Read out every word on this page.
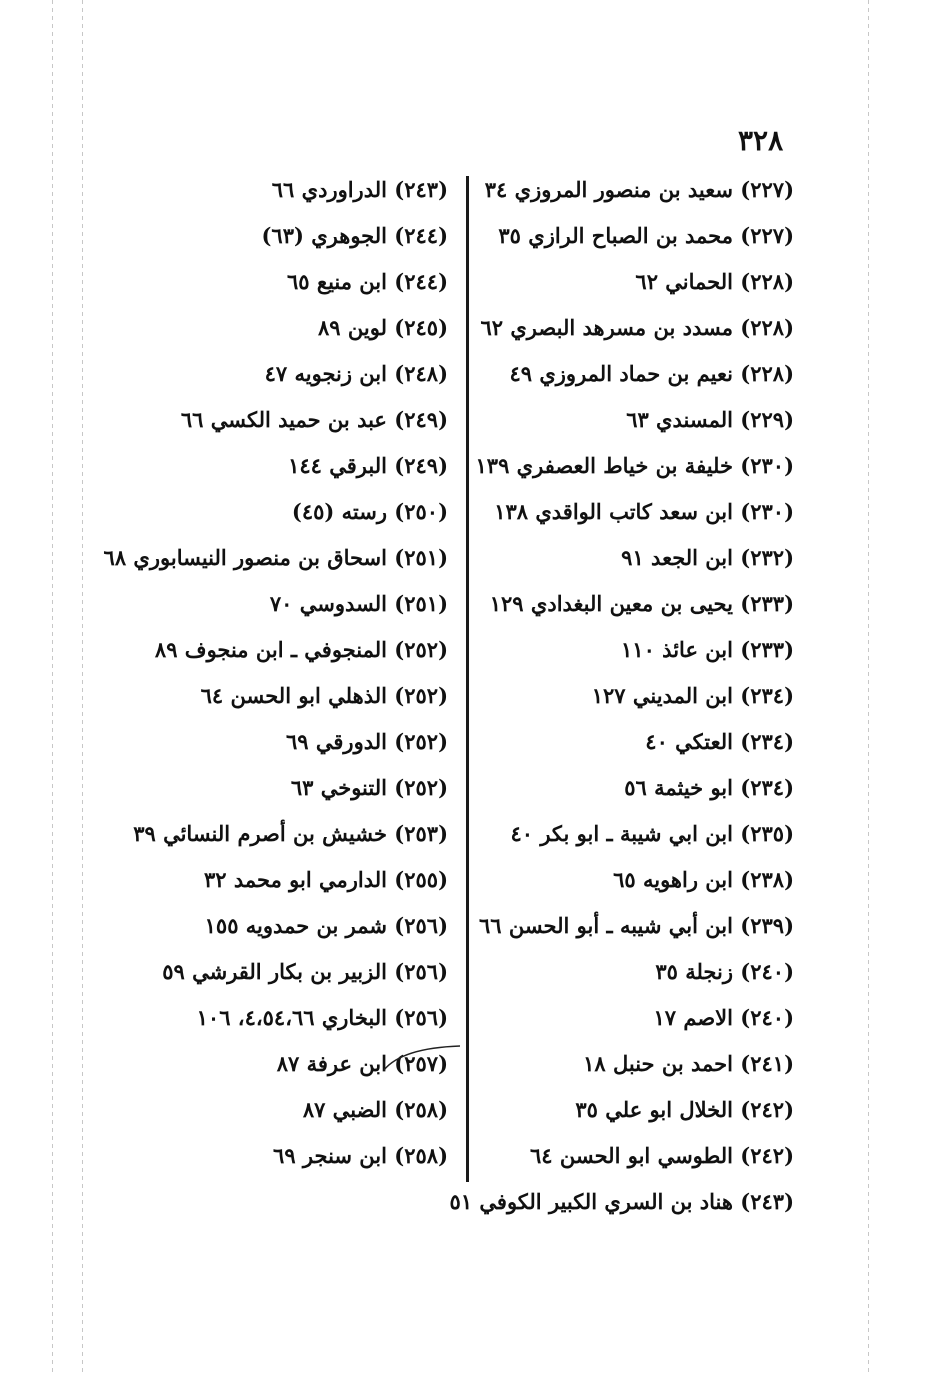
٣٢٨
(٢٢٧) سعيد بن منصور المروزي ٣٤
(٢٢٧) محمد بن الصباح الرازي ٣٥
(٢٢٨) الحماني ٦٢
(٢٢٨) مسدد بن مسرهد البصري ٦٢
(٢٢٨) نعيم بن حماد المروزي ٤٩
(٢٢٩) المسندي ٦٣
(٢٣٠) خليفة بن خياط العصفري ١٣٩
(٢٣٠) ابن سعد كاتب الواقدي ١٣٨
(٢٣٢) ابن الجعد ٩١
(٢٣٣) يحيى بن معين البغدادي ١٢٩
(٢٣٣) ابن عائذ ١١٠
(٢٣٤) ابن المديني ١٢٧
(٢٣٤) العتكي ٤٠
(٢٣٤) ابو خيثمة ٥٦
(٢٣٥) ابن ابي شيبة ـ ابو بكر ٤٠
(٢٣٨) ابن راهويه ٦٥
(٢٣٩) ابن أبي شيبه ـ أبو الحسن ٦٦
(٢٤٠) زنجلة ٣٥
(٢٤٠) الاصم ١٧
(٢٤١) احمد بن حنبل ١٨
(٢٤٢) الخلال ابو علي ٣٥
(٢٤٢) الطوسي ابو الحسن ٦٤
(٢٤٣) هناد بن السري الكبير الكوفي ٥١
(٢٤٣) الدراوردي ٦٦
(٢٤٤) الجوهري (٦٣)
(٢٤٤) ابن منيع ٦٥
(٢٤٥) لوين ٨٩
(٢٤٨) ابن زنجويه ٤٧
(٢٤٩) عبد بن حميد الكسي ٦٦
(٢٤٩) البرقي ١٤٤
(٢٥٠) رسته (٤٥)
(٢٥١) اسحاق بن منصور النيسابوري ٦٨
(٢٥١) السدوسي ٧٠
(٢٥٢) المنجوفي ـ ابن منجوف ٨٩
(٢٥٢) الذهلي ابو الحسن ٦٤
(٢٥٢) الدورقي ٦٩
(٢٥٢) التنوخي ٦٣
(٢٥٣) خشيش بن أصرم النسائي ٣٩
(٢٥٥) الدارمي ابو محمد ٣٢
(٢٥٦) شمر بن حمدويه ١٥٥
(٢٥٦) الزبير بن بكار القرشي ٥٩
(٢٥٦) البخاري ٤،٥٤،٦٦، ١٠٦
(٢٥٧) ابن عرفة ٨٧
(٢٥٨) الضبي ٨٧
(٢٥٨) ابن سنجر ٦٩
